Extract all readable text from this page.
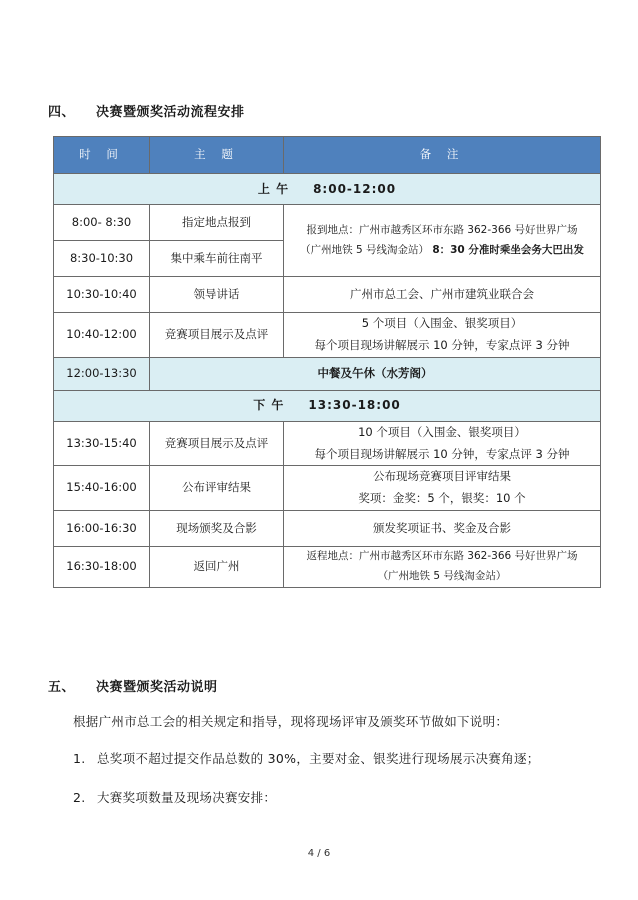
四、 决赛暨颁奖活动流程安排
时 间	主 题	备 注
上 午 8:00-12:00		
8:00- 8:30	指定地点报到	报到地点：广州市越秀区环市东路 362-366 号好世界广场
（广州地铁 5 号线淘金站） 8：30 分准时乘坐会务大巴出发

8:30-10:30	集中乘车前往南平	
10:30-10:40	领导讲话	广州市总工会、广州市建筑业联合会
10:40-12:00	竞赛项目展示及点评	5 个项目（入围金、银奖项目）
每个项目现场讲解展示 10 分钟，专家点评 3 分钟

12:00-13:30	中餐及午休（水芳阁）	
下 午 13:30-18:00		
13:30-15:40	竞赛项目展示及点评	10 个项目（入围金、银奖项目）
每个项目现场讲解展示 10 分钟，专家点评 3 分钟

15:40-16:00	公布评审结果	公布现场竞赛项目评审结果
奖项：金奖：5 个，银奖：10 个

16:00-16:30	现场颁奖及合影	颁发奖项证书、奖金及合影
16:30-18:00	返回广州	返程地点：广州市越秀区环市东路 362-366 号好世界广场
（广州地铁 5 号线淘金站）
五、 决赛暨颁奖活动说明
根据广州市总工会的相关规定和指导，现将现场评审及颁奖环节做如下说明：
1. 总奖项不超过提交作品总数的 30%，主要对金、银奖进行现场展示决赛角逐；
2. 大赛奖项数量及现场决赛安排：
4 / 6
